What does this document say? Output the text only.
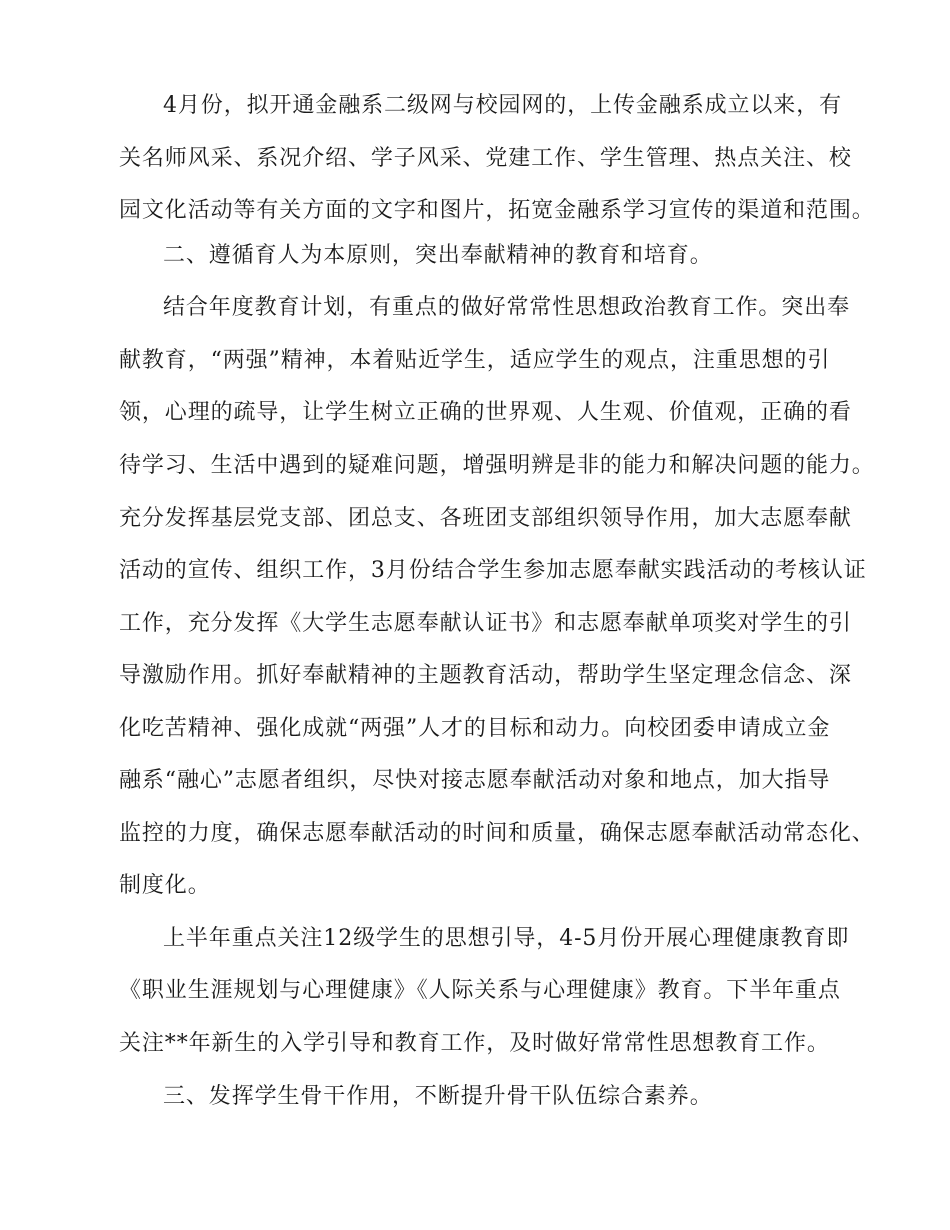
4月份，拟开通金融系二级网与校园网的，上传金融系成立以来，有
关名师风采、系况介绍、学子风采、党建工作、学生管理、热点关注、校
园文化活动等有关方面的文字和图片，拓宽金融系学习宣传的渠道和范围。
二、遵循育人为本原则，突出奉献精神的教育和培育。
结合年度教育计划，有重点的做好常常性思想政治教育工作。突出奉
献教育，“两强”精神，本着贴近学生，适应学生的观点，注重思想的引
领，心理的疏导，让学生树立正确的世界观、人生观、价值观，正确的看
待学习、生活中遇到的疑难问题，增强明辨是非的能力和解决问题的能力。
充分发挥基层党支部、团总支、各班团支部组织领导作用，加大志愿奉献
活动的宣传、组织工作，3月份结合学生参加志愿奉献实践活动的考核认证
工作，充分发挥《大学生志愿奉献认证书》和志愿奉献单项奖对学生的引
导激励作用。抓好奉献精神的主题教育活动，帮助学生坚定理念信念、深
化吃苦精神、强化成就“两强”人才的目标和动力。向校团委申请成立金
融系“融心”志愿者组织，尽快对接志愿奉献活动对象和地点，加大指导
监控的力度，确保志愿奉献活动的时间和质量，确保志愿奉献活动常态化、
制度化。
上半年重点关注12级学生的思想引导，4-5月份开展心理健康教育即
《职业生涯规划与心理健康》《人际关系与心理健康》教育。下半年重点
关注**年新生的入学引导和教育工作，及时做好常常性思想教育工作。
三、发挥学生骨干作用，不断提升骨干队伍综合素养。
